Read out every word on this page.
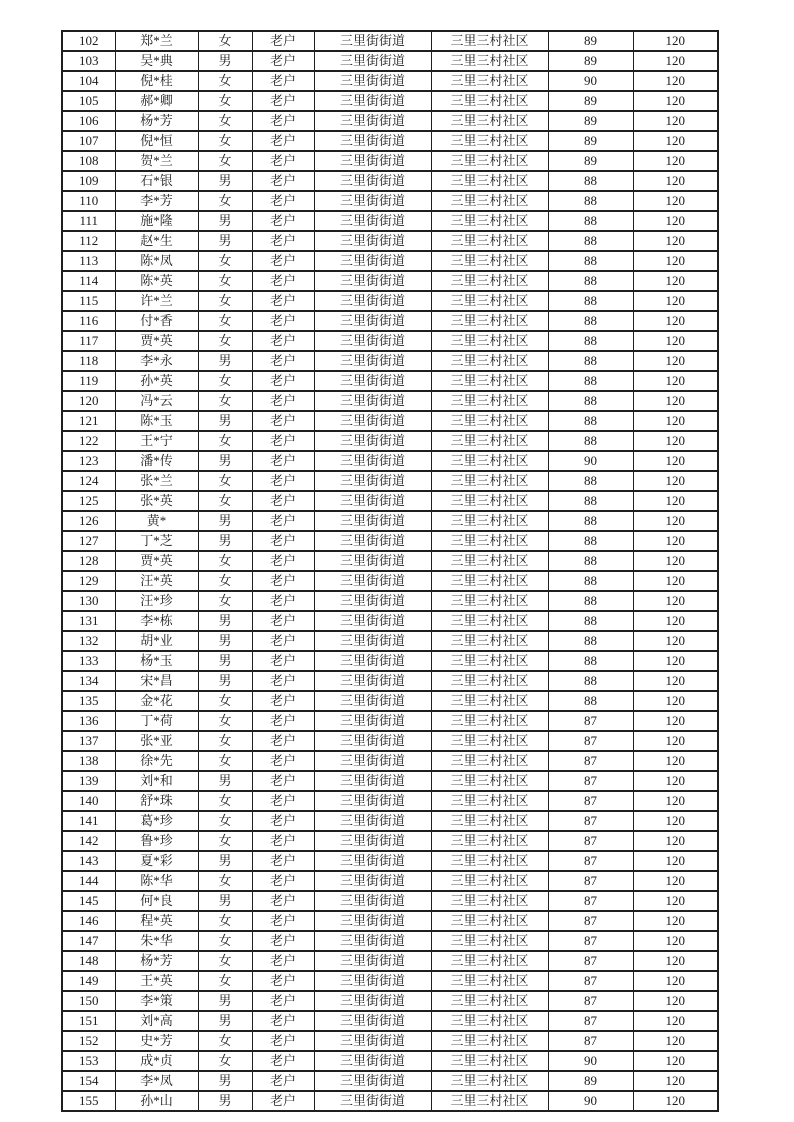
102	郑*兰	女	老户	三里街街道	三里三村社区	89	120
103	吴*典	男	老户	三里街街道	三里三村社区	89	120
104	倪*桂	女	老户	三里街街道	三里三村社区	90	120
105	郝*卿	女	老户	三里街街道	三里三村社区	89	120
106	杨*芳	女	老户	三里街街道	三里三村社区	89	120
107	倪*恒	女	老户	三里街街道	三里三村社区	89	120
108	贺*兰	女	老户	三里街街道	三里三村社区	89	120
109	石*银	男	老户	三里街街道	三里三村社区	88	120
110	李*芳	女	老户	三里街街道	三里三村社区	88	120
111	施*隆	男	老户	三里街街道	三里三村社区	88	120
112	赵*生	男	老户	三里街街道	三里三村社区	88	120
113	陈*凤	女	老户	三里街街道	三里三村社区	88	120
114	陈*英	女	老户	三里街街道	三里三村社区	88	120
115	许*兰	女	老户	三里街街道	三里三村社区	88	120
116	付*香	女	老户	三里街街道	三里三村社区	88	120
117	贾*英	女	老户	三里街街道	三里三村社区	88	120
118	李*永	男	老户	三里街街道	三里三村社区	88	120
119	孙*英	女	老户	三里街街道	三里三村社区	88	120
120	冯*云	女	老户	三里街街道	三里三村社区	88	120
121	陈*玉	男	老户	三里街街道	三里三村社区	88	120
122	王*宁	女	老户	三里街街道	三里三村社区	88	120
123	潘*传	男	老户	三里街街道	三里三村社区	90	120
124	张*兰	女	老户	三里街街道	三里三村社区	88	120
125	张*英	女	老户	三里街街道	三里三村社区	88	120
126	黄*	男	老户	三里街街道	三里三村社区	88	120
127	丁*芝	男	老户	三里街街道	三里三村社区	88	120
128	贾*英	女	老户	三里街街道	三里三村社区	88	120
129	汪*英	女	老户	三里街街道	三里三村社区	88	120
130	汪*珍	女	老户	三里街街道	三里三村社区	88	120
131	李*栋	男	老户	三里街街道	三里三村社区	88	120
132	胡*业	男	老户	三里街街道	三里三村社区	88	120
133	杨*玉	男	老户	三里街街道	三里三村社区	88	120
134	宋*昌	男	老户	三里街街道	三里三村社区	88	120
135	金*花	女	老户	三里街街道	三里三村社区	88	120
136	丁*荷	女	老户	三里街街道	三里三村社区	87	120
137	张*亚	女	老户	三里街街道	三里三村社区	87	120
138	徐*先	女	老户	三里街街道	三里三村社区	87	120
139	刘*和	男	老户	三里街街道	三里三村社区	87	120
140	舒*珠	女	老户	三里街街道	三里三村社区	87	120
141	葛*珍	女	老户	三里街街道	三里三村社区	87	120
142	鲁*珍	女	老户	三里街街道	三里三村社区	87	120
143	夏*彩	男	老户	三里街街道	三里三村社区	87	120
144	陈*华	女	老户	三里街街道	三里三村社区	87	120
145	何*良	男	老户	三里街街道	三里三村社区	87	120
146	程*英	女	老户	三里街街道	三里三村社区	87	120
147	朱*华	女	老户	三里街街道	三里三村社区	87	120
148	杨*芳	女	老户	三里街街道	三里三村社区	87	120
149	王*英	女	老户	三里街街道	三里三村社区	87	120
150	李*策	男	老户	三里街街道	三里三村社区	87	120
151	刘*高	男	老户	三里街街道	三里三村社区	87	120
152	史*芳	女	老户	三里街街道	三里三村社区	87	120
153	成*贞	女	老户	三里街街道	三里三村社区	90	120
154	李*凤	男	老户	三里街街道	三里三村社区	89	120
155	孙*山	男	老户	三里街街道	三里三村社区	90	120
